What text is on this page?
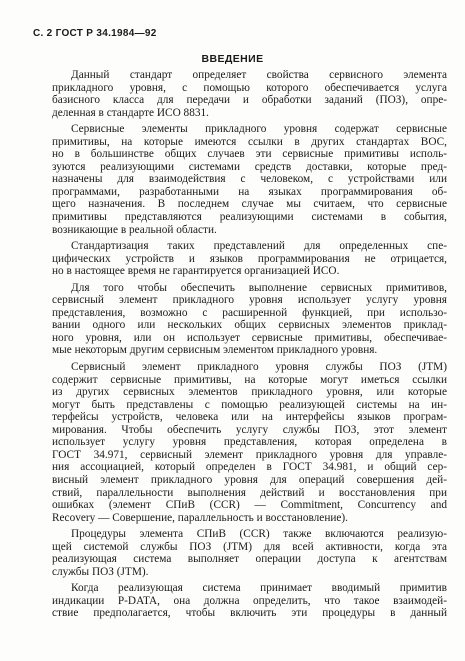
С. 2 ГОСТ Р 34.1984—92
ВВЕДЕНИЕ
Данный стандарт определяет свойства сервисного элемента
прикладного уровня, с помощью которого обеспечивается услуга
базисного класса для передачи и обработки заданий (ПОЗ), опре-
деленная в стандарте ИСО 8831.
Сервисные элементы прикладного уровня содержат сервисные
примитивы, на которые имеются ссылки в других стандартах ВОС,
но в большинстве общих случаев эти сервисные примитивы исполь-
зуются реализующими системами средств доставки, которые пред-
назначены для взаимодействия с человеком, с устройствами или
программами, разработанными на языках программирования об-
щего назначения. В последнем случае мы считаем, что сервисные
примитивы представляются реализующими системами в события,
возникающие в реальной области.
Стандартизация таких представлений для определенных спе-
цифических устройств и языков программирования не отрицается,
но в настоящее время не гарантируется организацией ИСО.
Для того чтобы обеспечить выполнение сервисных примитивов,
сервисный элемент прикладного уровня использует услугу уровня
представления, возможно с расширенной функцией, при использо-
вании одного или нескольких общих сервисных элементов приклад-
ного уровня, или он использует сервисные примитивы, обеспечивае-
мые некоторым другим сервисным элементом прикладного уровня.
Сервисный элемент прикладного уровня службы ПОЗ (JTM)
содержит сервисные примитивы, на которые могут иметься ссылки
из других сервисных элементов прикладного уровня, или которые
могут быть представлены с помощью реализующей системы на ин-
терфейсы устройств, человека или на интерфейсы языков програм-
мирования. Чтобы обеспечить услугу службы ПОЗ, этот элемент
использует услугу уровня представления, которая определена в
ГОСТ 34.971, сервисный элемент прикладного уровня для управле-
ния ассоциацией, который определен в ГОСТ 34.981, и общий сер-
висный элемент прикладного уровня для операций совершения дей-
ствий, параллельности выполнения действий и восстановления при
ошибках (элемент СПиВ (CCR) — Commitment, Concurrency and
Recovery — Совершение, параллельность и восстановление).
Процедуры элемента СПиВ (CCR) также включаются реализую-
щей системой службы ПОЗ (JTM) для всей активности, когда эта
реализующая система выполняет операции доступа к агентствам
службы ПОЗ (JTM).
Когда реализующая система принимает вводимый примитив
индикации P-DATA, она должна определить, что такое взаимодей-
ствие предполагается, чтобы включить эти процедуры в данный
